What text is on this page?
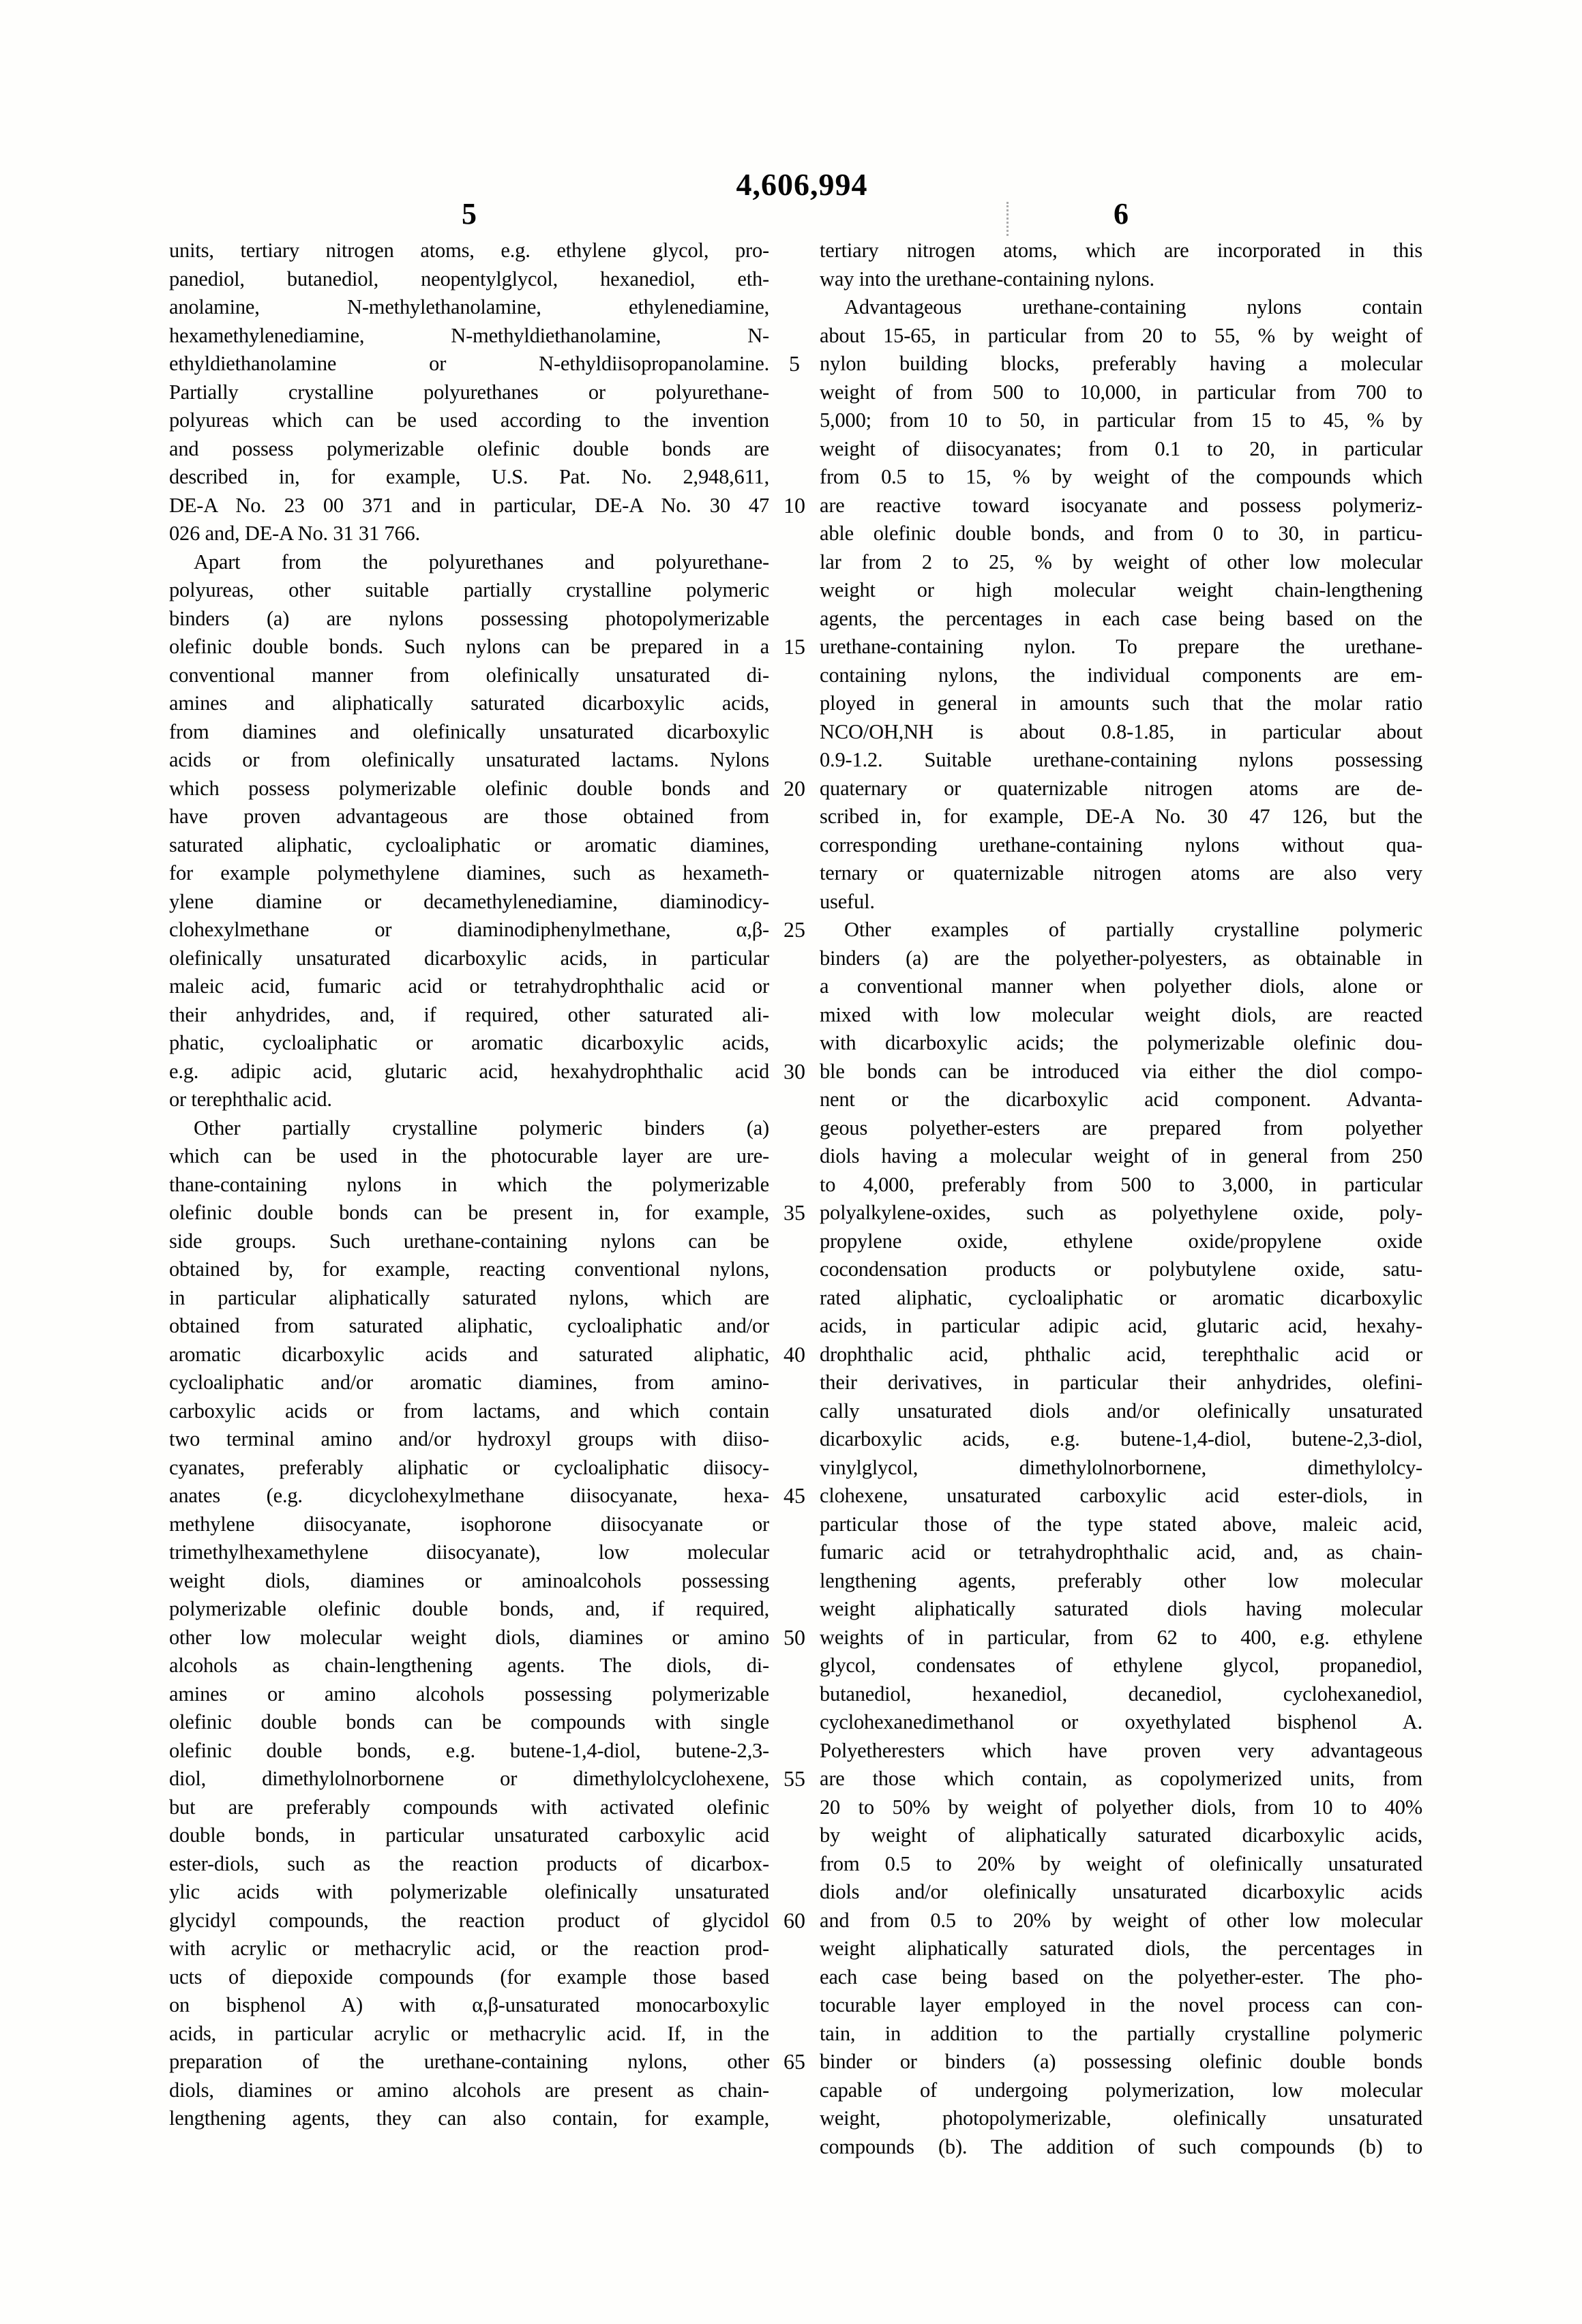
4,606,994
5	6
units, tertiary nitrogen atoms, e.g. ethylene glycol, pro-
panediol, butanediol, neopentylglycol, hexanediol, eth-
anolamine, N-methylethanolamine, ethylenediamine,
hexamethylenediamine, N-methyldiethanolamine, N-
ethyldiethanolamine or N-ethyldiisopropanolamine.
Partially crystalline polyurethanes or polyurethane-
polyureas which can be used according to the invention
and possess polymerizable olefinic double bonds are
described in, for example, U.S. Pat. No. 2,948,611,
DE-A No. 23 00 371 and in particular, DE-A No. 30 47
026 and, DE-A No. 31 31 766.
Apart from the polyurethanes and polyurethane-
polyureas, other suitable partially crystalline polymeric
binders (a) are nylons possessing photopolymerizable
olefinic double bonds. Such nylons can be prepared in a
conventional manner from olefinically unsaturated di-
amines and aliphatically saturated dicarboxylic acids,
from diamines and olefinically unsaturated dicarboxylic
acids or from olefinically unsaturated lactams. Nylons
which possess polymerizable olefinic double bonds and
have proven advantageous are those obtained from
saturated aliphatic, cycloaliphatic or aromatic diamines,
for example polymethylene diamines, such as hexameth-
ylene diamine or decamethylenediamine, diaminodicy-
clohexylmethane or diaminodiphenylmethane, α,β-
olefinically unsaturated dicarboxylic acids, in particular
maleic acid, fumaric acid or tetrahydrophthalic acid or
their anhydrides, and, if required, other saturated ali-
phatic, cycloaliphatic or aromatic dicarboxylic acids,
e.g. adipic acid, glutaric acid, hexahydrophthalic acid
or terephthalic acid.
Other partially crystalline polymeric binders (a)
which can be used in the photocurable layer are ure-
thane-containing nylons in which the polymerizable
olefinic double bonds can be present in, for example,
side groups. Such urethane-containing nylons can be
obtained by, for example, reacting conventional nylons,
in particular aliphatically saturated nylons, which are
obtained from saturated aliphatic, cycloaliphatic and/or
aromatic dicarboxylic acids and saturated aliphatic,
cycloaliphatic and/or aromatic diamines, from amino-
carboxylic acids or from lactams, and which contain
two terminal amino and/or hydroxyl groups with diiso-
cyanates, preferably aliphatic or cycloaliphatic diisocy-
anates (e.g. dicyclohexylmethane diisocyanate, hexa-
methylene diisocyanate, isophorone diisocyanate or
trimethylhexamethylene diisocyanate), low molecular
weight diols, diamines or aminoalcohols possessing
polymerizable olefinic double bonds, and, if required,
other low molecular weight diols, diamines or amino
alcohols as chain-lengthening agents. The diols, di-
amines or amino alcohols possessing polymerizable
olefinic double bonds can be compounds with single
olefinic double bonds, e.g. butene-1,4-diol, butene-2,3-
diol, dimethylolnorbornene or dimethylolcyclohexene,
but are preferably compounds with activated olefinic
double bonds, in particular unsaturated carboxylic acid
ester-diols, such as the reaction products of dicarbox-
ylic acids with polymerizable olefinically unsaturated
glycidyl compounds, the reaction product of glycidol
with acrylic or methacrylic acid, or the reaction prod-
ucts of diepoxide compounds (for example those based
on bisphenol A) with α,β-unsaturated monocarboxylic
acids, in particular acrylic or methacrylic acid. If, in the
preparation of the urethane-containing nylons, other
diols, diamines or amino alcohols are present as chain-
lengthening agents, they can also contain, for example,
5
10
15
20
25
30
35
40
45
50
55
60
65
tertiary nitrogen atoms, which are incorporated in this
way into the urethane-containing nylons.
Advantageous urethane-containing nylons contain
about 15-65, in particular from 20 to 55, % by weight of
nylon building blocks, preferably having a molecular
weight of from 500 to 10,000, in particular from 700 to
5,000; from 10 to 50, in particular from 15 to 45, % by
weight of diisocyanates; from 0.1 to 20, in particular
from 0.5 to 15, % by weight of the compounds which
are reactive toward isocyanate and possess polymeriz-
able olefinic double bonds, and from 0 to 30, in particu-
lar from 2 to 25, % by weight of other low molecular
weight or high molecular weight chain-lengthening
agents, the percentages in each case being based on the
urethane-containing nylon. To prepare the urethane-
containing nylons, the individual components are em-
ployed in general in amounts such that the molar ratio
NCO/OH,NH is about 0.8-1.85, in particular about
0.9-1.2. Suitable urethane-containing nylons possessing
quaternary or quaternizable nitrogen atoms are de-
scribed in, for example, DE-A No. 30 47 126, but the
corresponding urethane-containing nylons without qua-
ternary or quaternizable nitrogen atoms are also very
useful.
Other examples of partially crystalline polymeric
binders (a) are the polyether-polyesters, as obtainable in
a conventional manner when polyether diols, alone or
mixed with low molecular weight diols, are reacted
with dicarboxylic acids; the polymerizable olefinic dou-
ble bonds can be introduced via either the diol compo-
nent or the dicarboxylic acid component. Advanta-
geous polyether-esters are prepared from polyether
diols having a molecular weight of in general from 250
to 4,000, preferably from 500 to 3,000, in particular
polyalkylene-oxides, such as polyethylene oxide, poly-
propylene oxide, ethylene oxide/propylene oxide
cocondensation products or polybutylene oxide, satu-
rated aliphatic, cycloaliphatic or aromatic dicarboxylic
acids, in particular adipic acid, glutaric acid, hexahy-
drophthalic acid, phthalic acid, terephthalic acid or
their derivatives, in particular their anhydrides, olefini-
cally unsaturated diols and/or olefinically unsaturated
dicarboxylic acids, e.g. butene-1,4-diol, butene-2,3-diol,
vinylglycol, dimethylolnorbornene, dimethylolcy-
clohexene, unsaturated carboxylic acid ester-diols, in
particular those of the type stated above, maleic acid,
fumaric acid or tetrahydrophthalic acid, and, as chain-
lengthening agents, preferably other low molecular
weight aliphatically saturated diols having molecular
weights of in particular, from 62 to 400, e.g. ethylene
glycol, condensates of ethylene glycol, propanediol,
butanediol, hexanediol, decanediol, cyclohexanediol,
cyclohexanedimethanol or oxyethylated bisphenol A.
Polyetheresters which have proven very advantageous
are those which contain, as copolymerized units, from
20 to 50% by weight of polyether diols, from 10 to 40%
by weight of aliphatically saturated dicarboxylic acids,
from 0.5 to 20% by weight of olefinically unsaturated
diols and/or olefinically unsaturated dicarboxylic acids
and from 0.5 to 20% by weight of other low molecular
weight aliphatically saturated diols, the percentages in
each case being based on the polyether-ester. The pho-
tocurable layer employed in the novel process can con-
tain, in addition to the partially crystalline polymeric
binder or binders (a) possessing olefinic double bonds
capable of undergoing polymerization, low molecular
weight, photopolymerizable, olefinically unsaturated
compounds (b). The addition of such compounds (b) to
